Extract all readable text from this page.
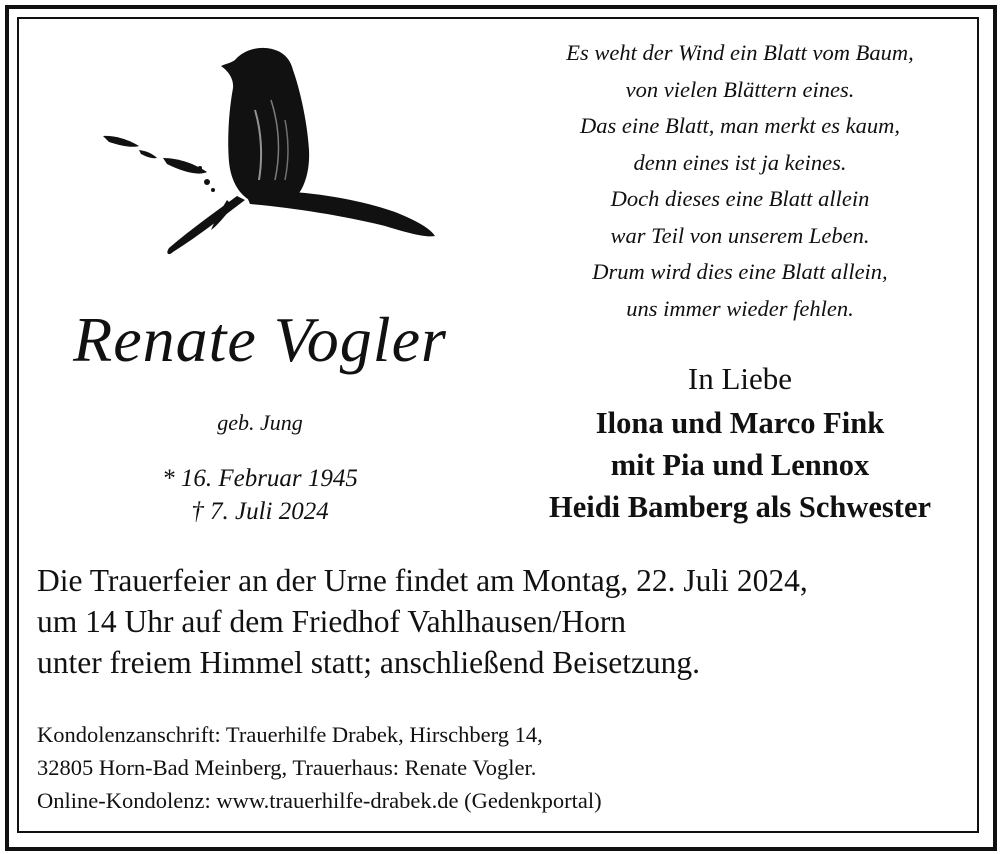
Renate Vogler
geb. Jung
* 16. Februar 1945
† 7. Juli 2024
Es weht der Wind ein Blatt vom Baum,
von vielen Blättern eines.
Das eine Blatt, man merkt es kaum,
denn eines ist ja keines.
Doch dieses eine Blatt allein
war Teil von unserem Leben.
Drum wird dies eine Blatt allein,
uns immer wieder fehlen.
In Liebe
Ilona und Marco Fink
mit Pia und Lennox
Heidi Bamberg als Schwester
Die Trauerfeier an der Urne findet am Montag, 22. Juli 2024,
um 14 Uhr auf dem Friedhof Vahlhausen/Horn
unter freiem Himmel statt; anschließend Beisetzung.
Kondolenzanschrift: Trauerhilfe Drabek, Hirschberg 14,
32805 Horn-Bad Meinberg, Trauerhaus: Renate Vogler.
Online-Kondolenz: www.trauerhilfe-drabek.de (Gedenkportal)
